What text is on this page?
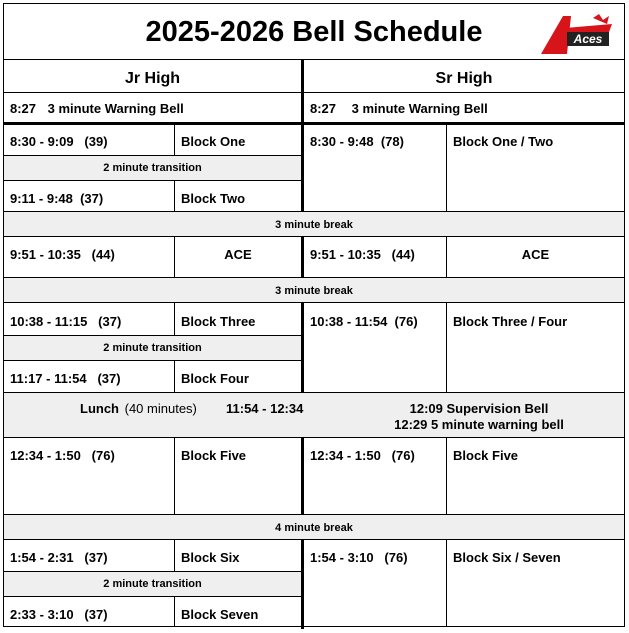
2025-2026 Bell Schedule	Aces
Jr High	Sr High
8:27 3 minute Warning Bell	8:27 3 minute Warning Bell
8:30 - 9:09   (39)	Block One
2 minute transition
9:11 - 9:48  (37)	Block Two
8:30 - 9:48  (78)	Block One / Two
3 minute break
9:51 - 10:35   (44)	ACE	9:51 - 10:35   (44)	ACE
3 minute break
10:38 - 11:15   (37)	Block Three
2 minute transition
11:17 - 11:54   (37)	Block Four
10:38 - 11:54  (76)	Block Three / Four
Lunch (40 minutes) 11:54 - 12:34	12:09 Supervision Bell
12:29 5 minute warning bell
12:34 - 1:50   (76)	Block Five	12:34 - 1:50   (76)	Block Five
4 minute break
1:54 - 2:31   (37)	Block Six
2 minute transition
2:33 - 3:10   (37)	Block Seven
1:54 - 3:10   (76)	Block Six / Seven
